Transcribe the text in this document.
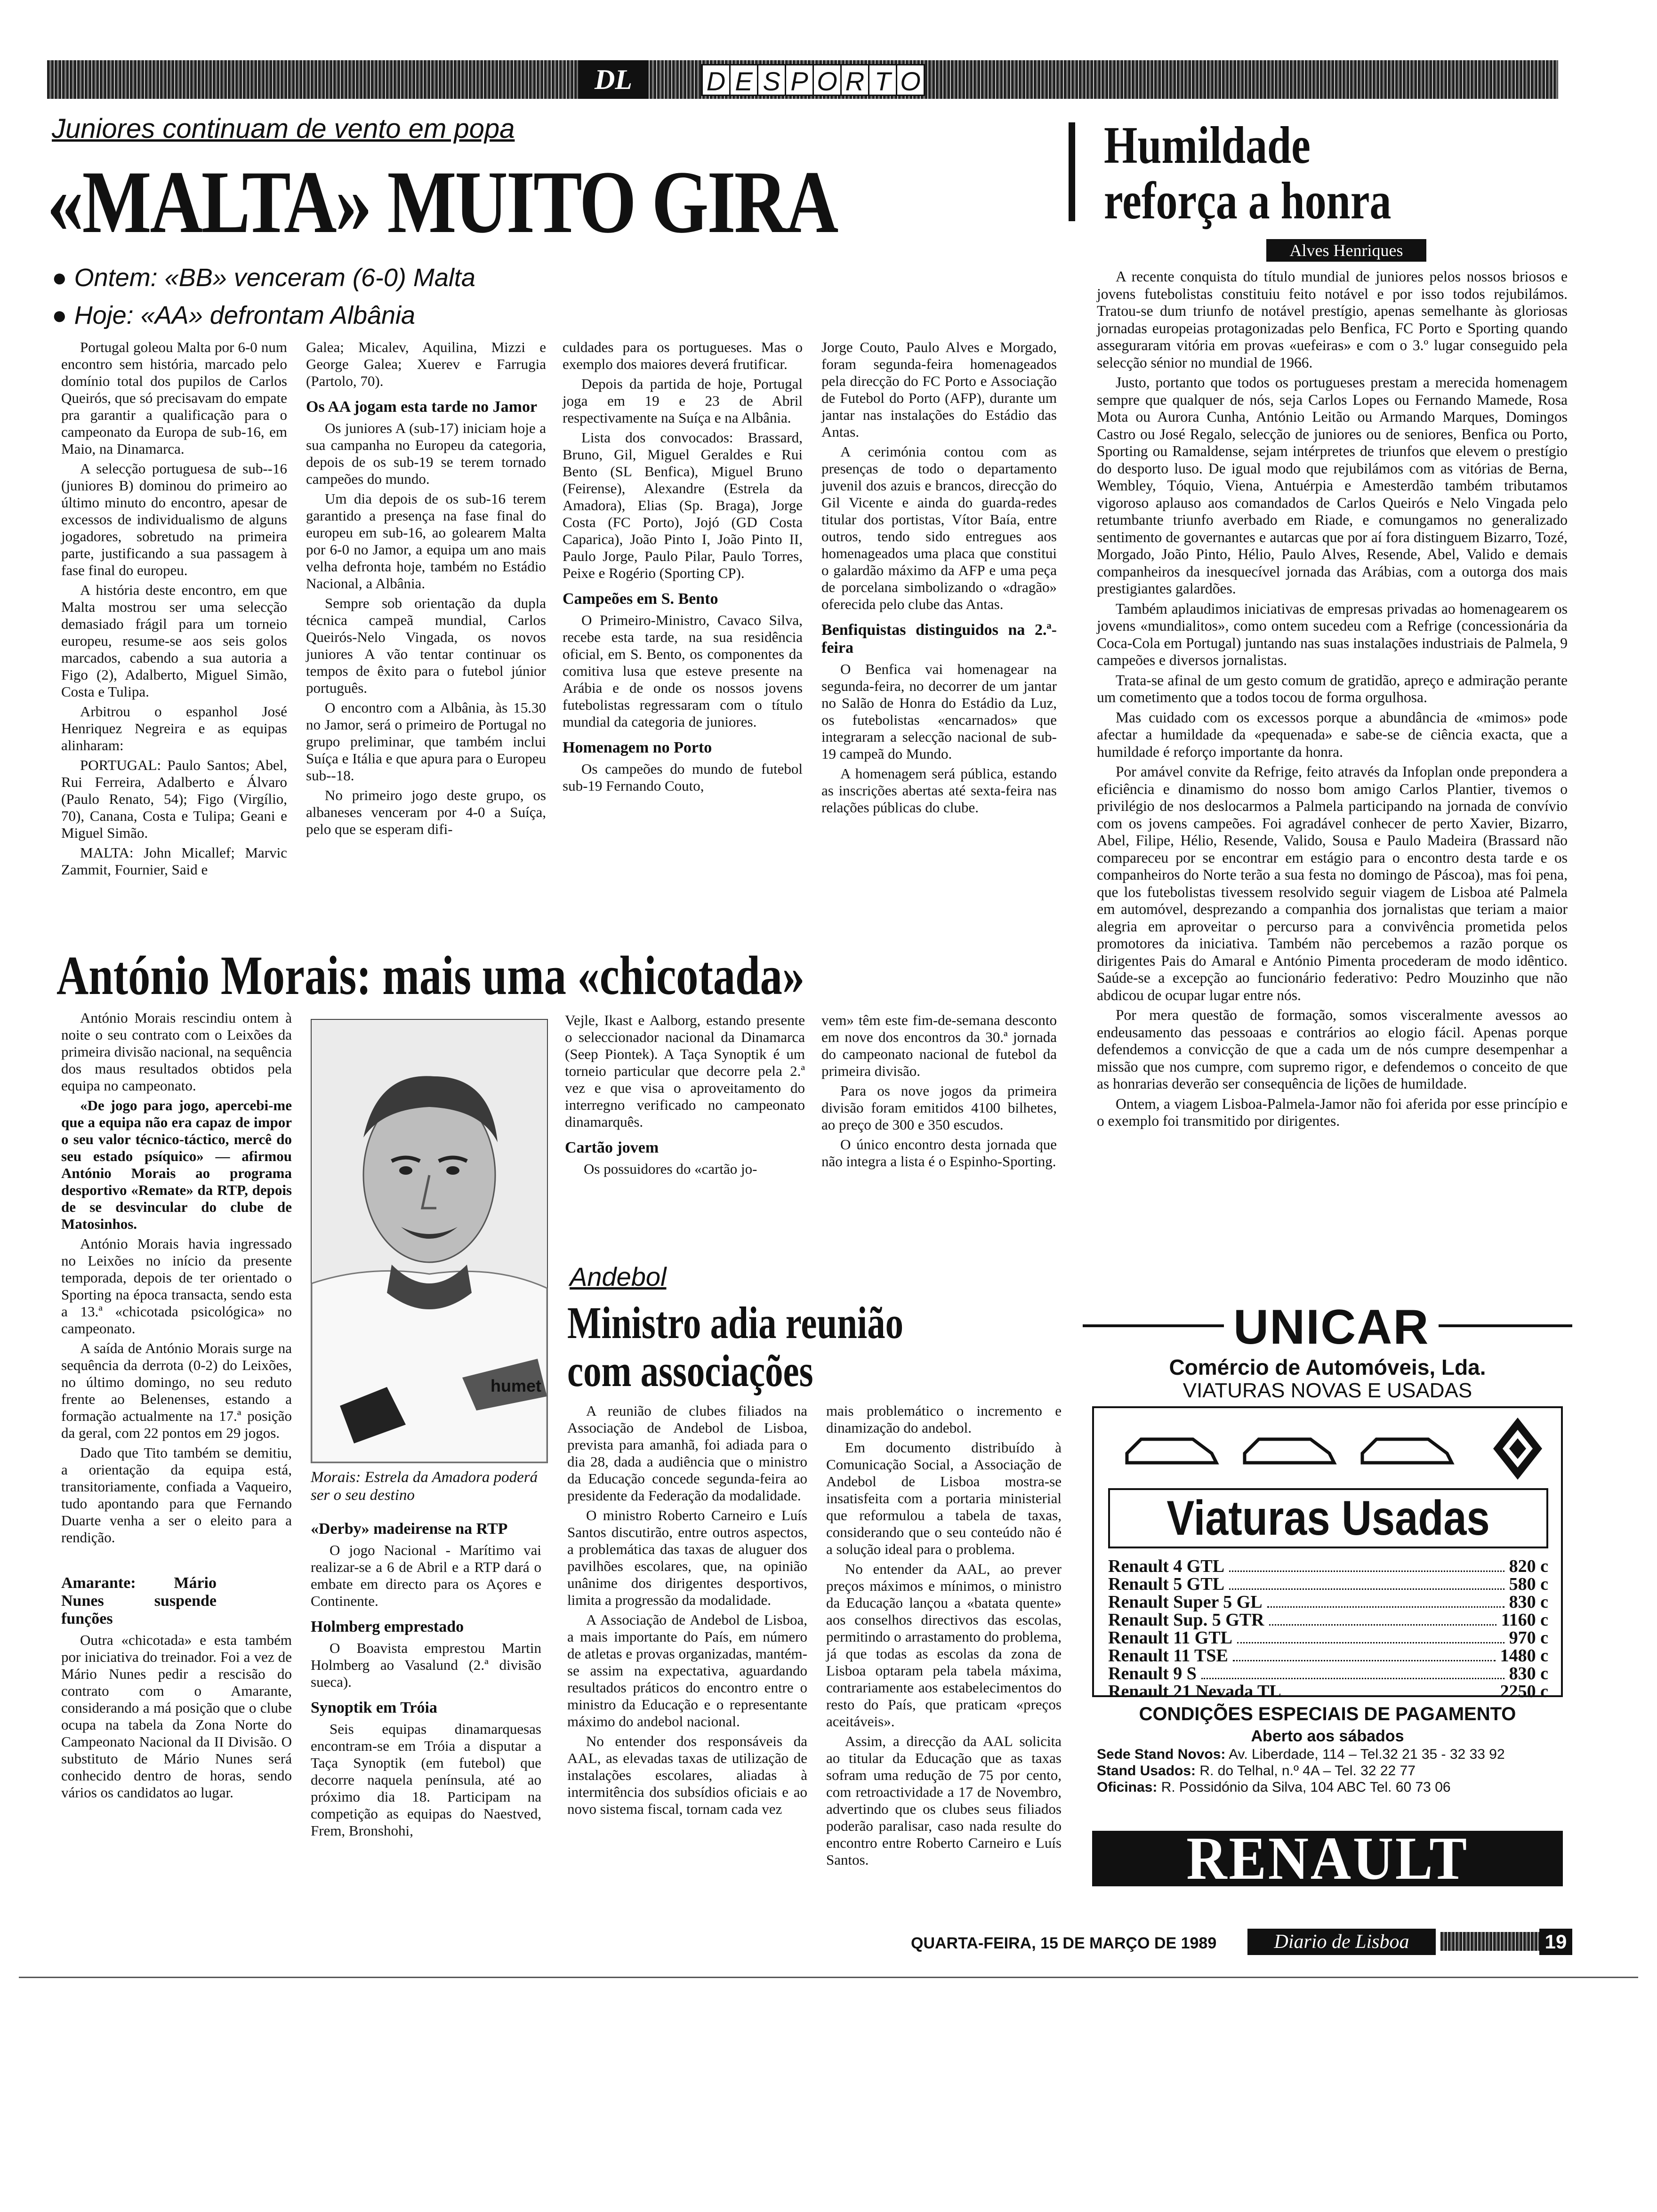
DL	D E S P O R T O
Juniores continuam de vento em popa
«MALTA» MUITO GIRA
● Ontem: «BB» venceram (6-0) Malta
● Hoje: «AA» defrontam Albânia

Portugal goleou Malta por 6-0 num encontro sem história, marcado pelo domínio total dos pupilos de Carlos Queirós, que só precisavam do empate pra garantir a qualificação para o campeonato da Europa de sub-16, em Maio, na Dinamarca.

A selecção portuguesa de sub--16 (juniores B) dominou do primeiro ao último minuto do encontro, apesar de excessos de individualismo de alguns jogadores, sobretudo na primeira parte, justificando a sua passagem à fase final do europeu.

A história deste encontro, em que Malta mostrou ser uma selecção demasiado frágil para um torneio europeu, resume-se aos seis golos marcados, cabendo a sua autoria a Figo (2), Adalberto, Miguel Simão, Costa e Tulipa.

Arbitrou o espanhol José Henriquez Negreira e as equipas alinharam:

PORTUGAL: Paulo Santos; Abel, Rui Ferreira, Adalberto e Álvaro (Paulo Renato, 54); Figo (Virgílio, 70), Canana, Costa e Tulipa; Geani e Miguel Simão.

MALTA: John Micallef; Marvic Zammit, Fournier, Said e

Galea; Micalev, Aquilina, Mizzi e George Galea; Xuerev e Farrugia (Partolo, 70).

Os AA jogam esta tarde no Jamor

Os juniores A (sub-17) iniciam hoje a sua campanha no Europeu da categoria, depois de os sub-19 se terem tornado campeões do mundo.

Um dia depois de os sub-16 terem garantido a presença na fase final do europeu em sub-16, ao golearem Malta por 6-0 no Jamor, a equipa um ano mais velha defronta hoje, também no Estádio Nacional, a Albânia.

Sempre sob orientação da dupla técnica campeã mundial, Carlos Queirós-Nelo Vingada, os novos juniores A vão tentar continuar os tempos de êxito para o futebol júnior português.

O encontro com a Albânia, às 15.30 no Jamor, será o primeiro de Portugal no grupo preliminar, que também inclui Suíça e Itália e que apura para o Europeu sub--18.

No primeiro jogo deste grupo, os albaneses venceram por 4-0 a Suíça, pelo que se esperam difi-

culdades para os portugueses. Mas o exemplo dos maiores deverá frutificar.

Depois da partida de hoje, Portugal joga em 19 e 23 de Abril respectivamente na Suíça e na Albânia.

Lista dos convocados: Brassard, Bruno, Gil, Miguel Geraldes e Rui Bento (SL Benfica), Miguel Bruno (Feirense), Alexandre (Estrela da Amadora), Elias (Sp. Braga), Jorge Costa (FC Porto), Jojó (GD Costa Caparica), João Pinto I, João Pinto II, Paulo Jorge, Paulo Pilar, Paulo Torres, Peixe e Rogério (Sporting CP).

Campeões em S. Bento

O Primeiro-Ministro, Cavaco Silva, recebe esta tarde, na sua residência oficial, em S. Bento, os componentes da comitiva lusa que esteve presente na Arábia e de onde os nossos jovens futebolistas regressaram com o título mundial da categoria de juniores.

Homenagem no Porto

Os campeões do mundo de futebol sub-19 Fernando Couto,

Jorge Couto, Paulo Alves e Morgado, foram segunda-feira homenageados pela direcção do FC Porto e Associação de Futebol do Porto (AFP), durante um jantar nas instalações do Estádio das Antas.

A cerimónia contou com as presenças de todo o departamento juvenil dos azuis e brancos, direcção do Gil Vicente e ainda do guarda-redes titular dos portistas, Vítor Baía, entre outros, tendo sido entregues aos homenageados uma placa que constitui o galardão máximo da AFP e uma peça de porcelana simbolizando o «dragão» oferecida pelo clube das Antas.

Benfiquistas distinguidos na 2.ª-feira

O Benfica vai homenagear na segunda-feira, no decorrer de um jantar no Salão de Honra do Estádio da Luz, os futebolistas «encarnados» que integraram a selecção nacional de sub-19 campeã do Mundo.

A homenagem será pública, estando as inscrições abertas até sexta-feira nas relações públicas do clube.

Humildade
reforça a honra
Alves Henriques

A recente conquista do título mundial de juniores pelos nossos briosos e jovens futebolistas constituiu feito notável e por isso todos rejubilámos. Tratou-se dum triunfo de notável prestígio, apenas semelhante às gloriosas jornadas europeias protagonizadas pelo Benfica, FC Porto e Sporting quando asseguraram vitória em provas «uefeiras» e com o 3.º lugar conseguido pela selecção sénior no mundial de 1966.

Justo, portanto que todos os portugueses prestam a merecida homenagem sempre que qualquer de nós, seja Carlos Lopes ou Fernando Mamede, Rosa Mota ou Aurora Cunha, António Leitão ou Armando Marques, Domingos Castro ou José Regalo, selecção de juniores ou de seniores, Benfica ou Porto, Sporting ou Ramaldense, sejam intérpretes de triunfos que elevem o prestígio do desporto luso. De igual modo que rejubilámos com as vitórias de Berna, Wembley, Tóquio, Viena, Antuérpia e Amesterdão também tributamos vigoroso aplauso aos comandados de Carlos Queirós e Nelo Vingada pelo retumbante triunfo averbado em Riade, e comungamos no generalizado sentimento de governantes e autarcas que por aí fora distinguem Bizarro, Tozé, Morgado, João Pinto, Hélio, Paulo Alves, Resende, Abel, Valido e demais companheiros da inesquecível jornada das Arábias, com a outorga dos mais prestigiantes galardões.

Também aplaudimos iniciativas de empresas privadas ao homenagearem os jovens «mundialitos», como ontem sucedeu com a Refrige (concessionária da Coca-Cola em Portugal) juntando nas suas instalações industriais de Palmela, 9 campeões e diversos jornalistas.

Trata-se afinal de um gesto comum de gratidão, apreço e admiração perante um cometimento que a todos tocou de forma orgulhosa.

Mas cuidado com os excessos porque a abundância de «mimos» pode afectar a humildade da «pequenada» e sabe-se de ciência exacta, que a humildade é reforço importante da honra.

Por amável convite da Refrige, feito através da Infoplan onde prepondera a eficiência e dinamismo do nosso bom amigo Carlos Plantier, tivemos o privilégio de nos deslocarmos a Palmela participando na jornada de convívio com os jovens campeões. Foi agradável conhecer de perto Xavier, Bizarro, Abel, Filipe, Hélio, Resende, Valido, Sousa e Paulo Madeira (Brassard não compareceu por se encontrar em estágio para o encontro desta tarde e os companheiros do Norte terão a sua festa no domingo de Páscoa), mas foi pena, que los futebolistas tivessem resolvido seguir viagem de Lisboa até Palmela em automóvel, desprezando a companhia dos jornalistas que teriam a maior alegria em aproveitar o percurso para a convivência prometida pelos promotores da iniciativa. Também não percebemos a razão porque os dirigentes Pais do Amaral e António Pimenta procederam de modo idêntico. Saúde-se a excepção ao funcionário federativo: Pedro Mouzinho que não abdicou de ocupar lugar entre nós.

Por mera questão de formação, somos visceralmente avessos ao endeusamento das pessoaas e contrários ao elogio fácil. Apenas porque defendemos a convicção de que a cada um de nós cumpre desempenhar a missão que nos cumpre, com supremo rigor, e defendemos o conceito de que as honrarias deverão ser consequência de lições de humildade.

Ontem, a viagem Lisboa-Palmela-Jamor não foi aferida por esse princípio e o exemplo foi transmitido por dirigentes.

António Morais: mais uma «chicotada»

António Morais rescindiu ontem à noite o seu contrato com o Leixões da primeira divisão nacional, na sequência dos maus resultados obtidos pela equipa no campeonato.

«De jogo para jogo, apercebi-me que a equipa não era capaz de impor o seu valor técnico-táctico, mercê do seu estado psíquico» — afirmou António Morais ao programa desportivo «Remate» da RTP, depois de se desvincular do clube de Matosinhos.

António Morais havia ingressado no Leixões no início da presente temporada, depois de ter orientado o Sporting na época transacta, sendo esta a 13.ª «chicotada psicológica» no campeonato.

A saída de António Morais surge na sequência da derrota (0-2) do Leixões, no último domingo, no seu reduto frente ao Belenenses, estando a formação actualmente na 17.ª posição da geral, com 22 pontos em 29 jogos.

Dado que Tito também se demitiu, a orientação da equipa está, transitoriamente, confiada a Vaqueiro, tudo apontando para que Fernando Duarte venha a ser o eleito para a rendição.

Amarante: Mário Nunes suspende funções

Outra «chicotada» e esta também por iniciativa do treinador. Foi a vez de Mário Nunes pedir a rescisão do contrato com o Amarante, considerando a má posição que o clube ocupa na tabela da Zona Norte do Campeonato Nacional da II Divisão. O substituto de Mário Nunes será conhecido dentro de horas, sendo vários os candidatos ao lugar.

humet
Morais: Estrela da Amadora poderá ser o seu destino
«Derby» madeirense na RTP

O jogo Nacional - Marítimo vai realizar-se a 6 de Abril e a RTP dará o embate em directo para os Açores e Continente.

Holmberg emprestado

O Boavista emprestou Martin Holmberg ao Vasalund (2.ª divisão sueca).

Synoptik em Tróia

Seis equipas dinamarquesas encontram-se em Tróia a disputar a Taça Synoptik (em futebol) que decorre naquela península, até ao próximo dia 18. Participam na competição as equipas do Naestved, Frem, Bronshohi,

Vejle, Ikast e Aalborg, estando presente o seleccionador nacional da Dinamarca (Seep Piontek). A Taça Synoptik é um torneio particular que decorre pela 2.ª vez e que visa o aproveitamento do interregno verificado no campeonato dinamarquês.

Cartão jovem

Os possuidores do «cartão jo-

vem» têm este fim-de-semana desconto em nove dos encontros da 30.ª jornada do campeonato nacional de futebol da primeira divisão.

Para os nove jogos da primeira divisão foram emitidos 4100 bilhetes, ao preço de 300 e 350 escudos.

O único encontro desta jornada que não integra a lista é o Espinho-Sporting.

Andebol
Ministro adia reunião
com associações

A reunião de clubes filiados na Associação de Andebol de Lisboa, prevista para amanhã, foi adiada para o dia 28, dada a audiência que o ministro da Educação concede segunda-feira ao presidente da Federação da modalidade.

O ministro Roberto Carneiro e Luís Santos discutirão, entre outros aspectos, a problemática das taxas de aluguer dos pavilhões escolares, que, na opinião unânime dos dirigentes desportivos, limita a progressão da modalidade.

A Associação de Andebol de Lisboa, a mais importante do País, em número de atletas e provas organizadas, mantém-se assim na expectativa, aguardando resultados práticos do encontro entre o ministro da Educação e o representante máximo do andebol nacional.

No entender dos responsáveis da AAL, as elevadas taxas de utilização de instalações escolares, aliadas à intermitência dos subsídios oficiais e ao novo sistema fiscal, tornam cada vez

mais problemático o incremento e dinamização do andebol.

Em documento distribuído à Comunicação Social, a Associação de Andebol de Lisboa mostra-se insatisfeita com a portaria ministerial que reformulou a tabela de taxas, considerando que o seu conteúdo não é a solução ideal para o problema.

No entender da AAL, ao prever preços máximos e mínimos, o ministro da Educação lançou a «batata quente» aos conselhos directivos das escolas, permitindo o arrastamento do problema, já que todas as escolas da zona de Lisboa optaram pela tabela máxima, contrariamente aos estabelecimentos do resto do País, que praticam «preços aceitáveis».

Assim, a direcção da AAL solicita ao titular da Educação que as taxas sofram uma redução de 75 por cento, com retroactividade a 17 de Novembro, advertindo que os clubes seus filiados poderão paralisar, caso nada resulte do encontro entre Roberto Carneiro e Luís Santos.

UNICAR
Comércio de Automóveis, Lda.
VIATURAS NOVAS E USADAS
Viaturas Usadas
Renault 4 GTL	820 c
Renault 5 GTL	580 c
Renault Super 5 GL	830 c
Renault Sup. 5 GTR	1160 c
Renault 11 GTL	970 c
Renault 11 TSE	1480 c
Renault 9 S	830 c
Renault 21 Nevada TL	2250 c
CONDIÇÕES ESPECIAIS DE PAGAMENTO
Aberto aos sábados
Sede Stand Novos: Av. Liberdade, 114 – Tel.32 21 35 - 32 33 92
Stand Usados: R. do Telhal, n.º 4A – Tel. 32 22 77
Oficinas: R. Possidónio da Silva, 104 ABC Tel. 60 73 06
RENAULT
QUARTA-FEIRA, 15 DE MARÇO DE 1989	Diario de Lisboa	19
